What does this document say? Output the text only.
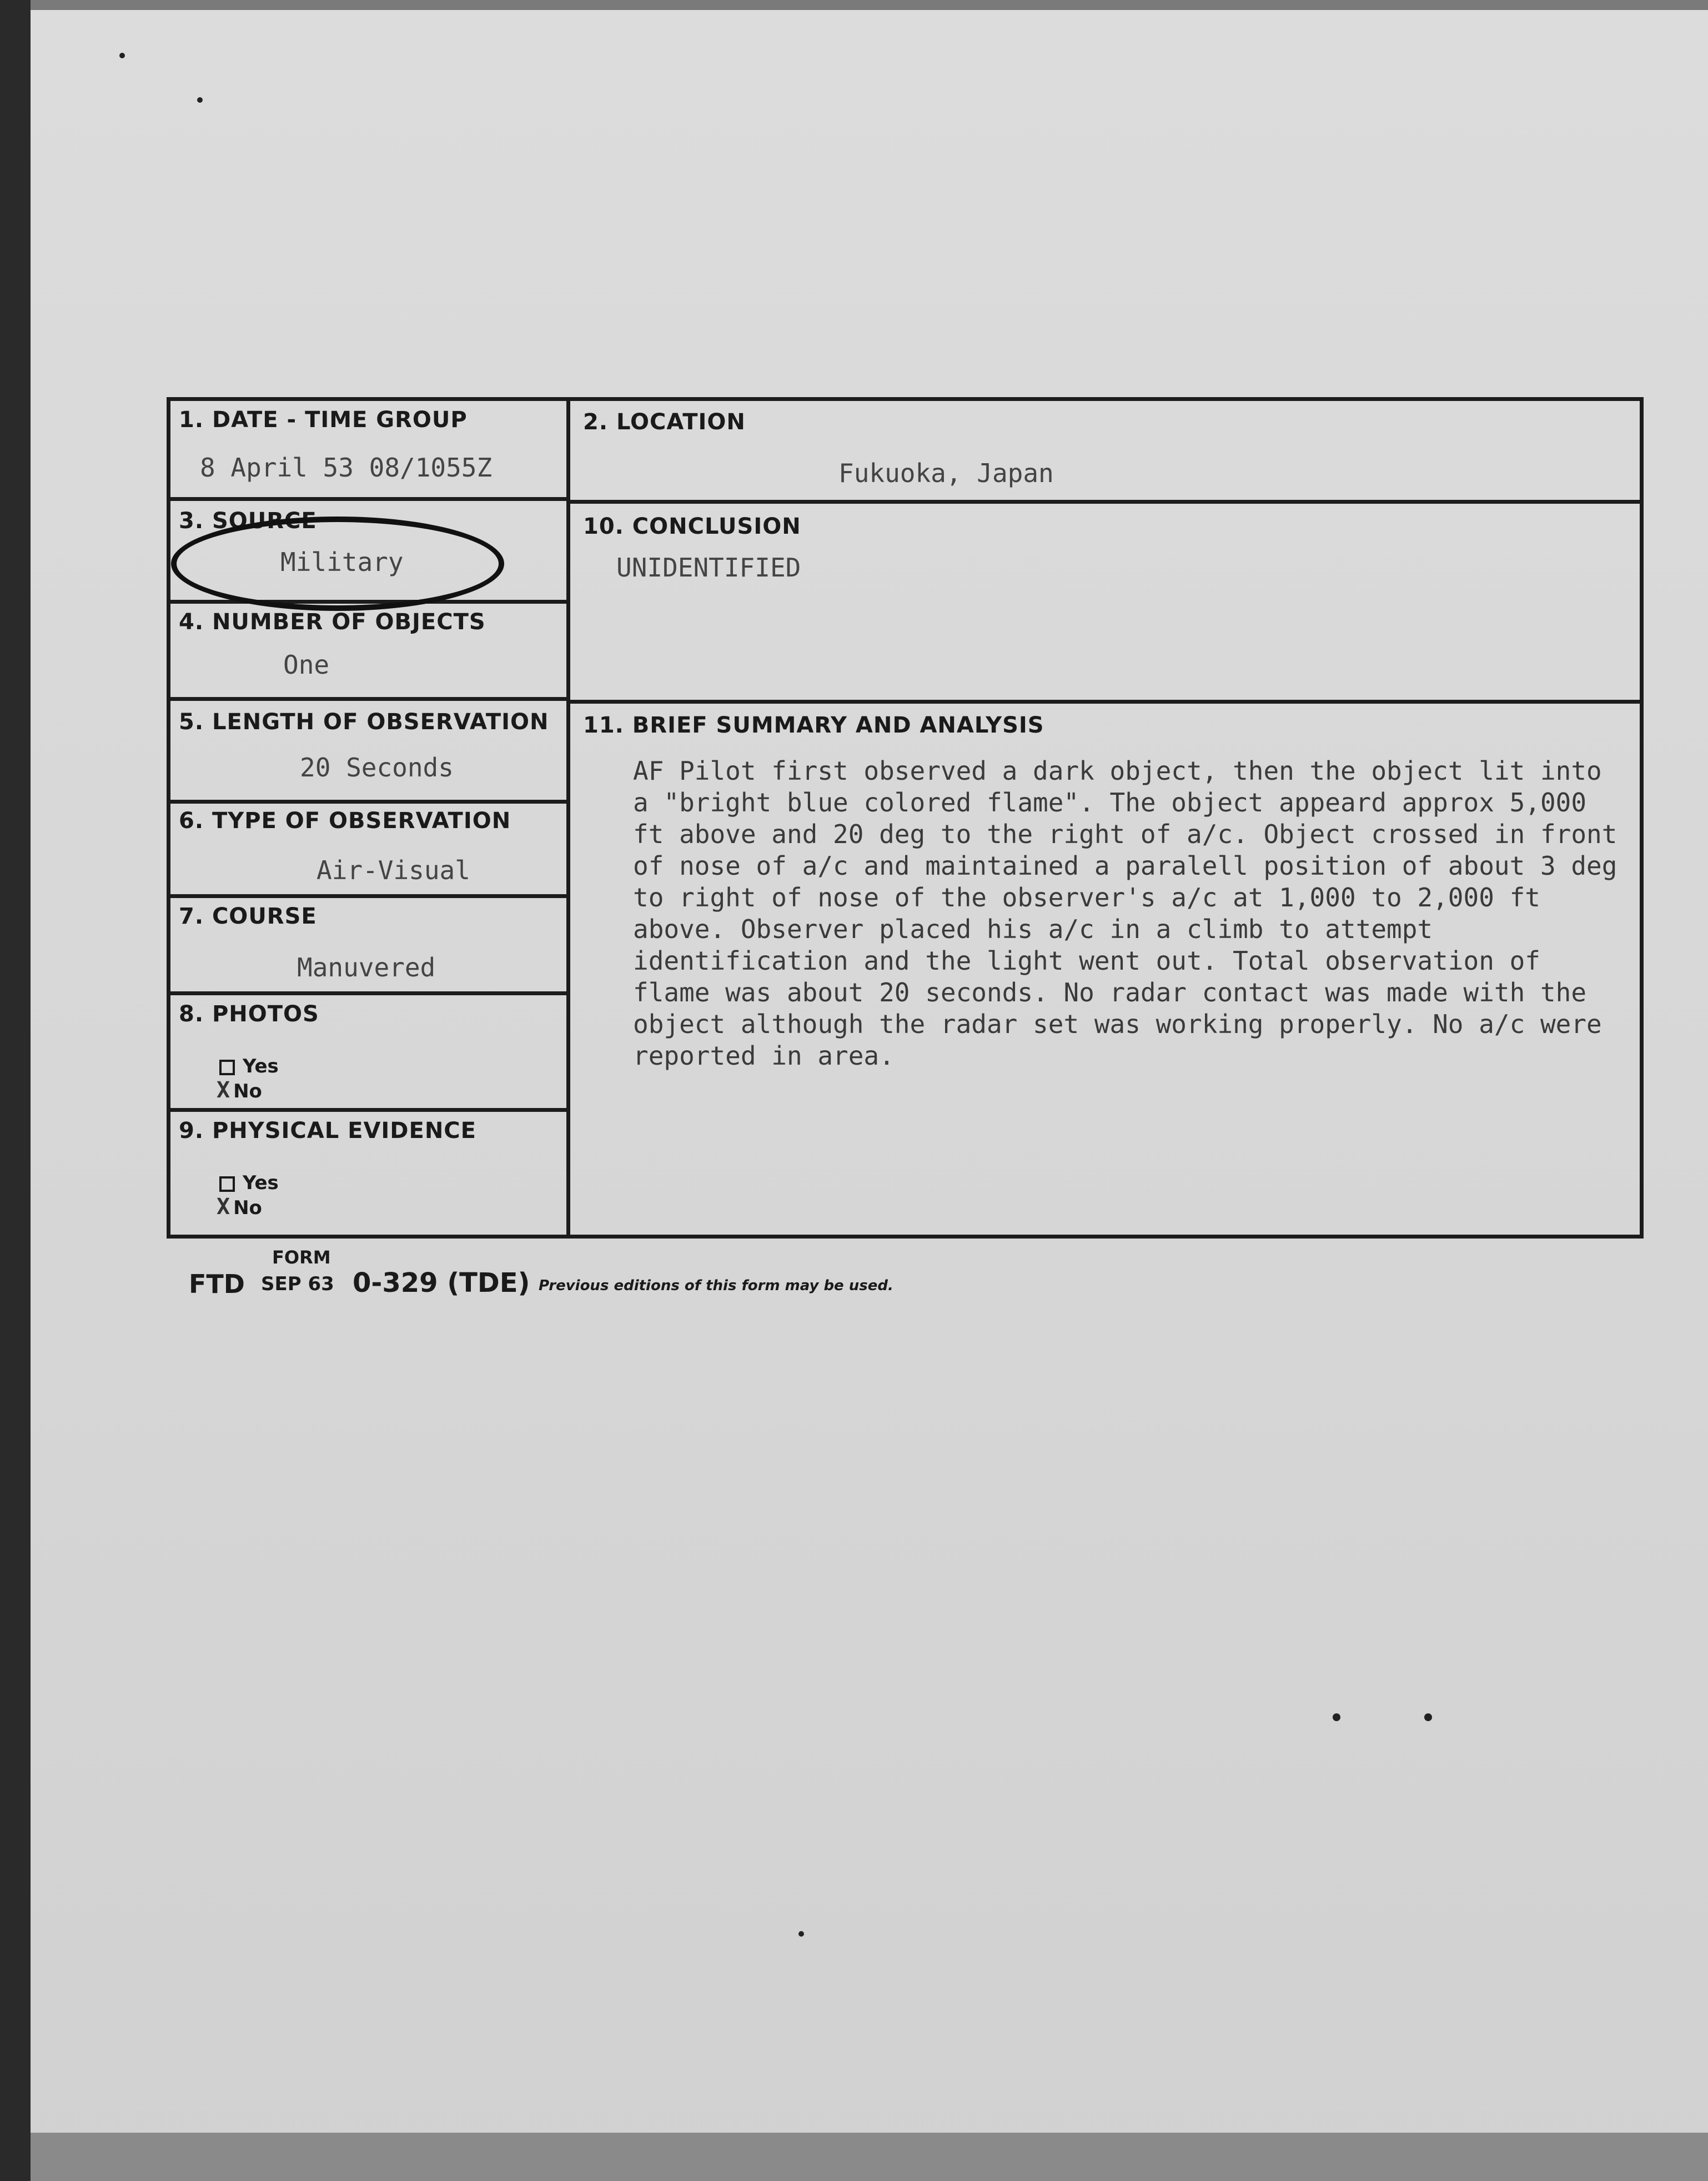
1. DATE - TIME GROUP
8 April 53 08/1055Z
2. LOCATION
Fukuoka, Japan
3. SOURCE
Military
10. CONCLUSION
UNIDENTIFIED
4. NUMBER OF OBJECTS
One
5. LENGTH OF OBSERVATION
20 Seconds
11. BRIEF SUMMARY AND ANALYSIS
AF Pilot first observed a dark object, then the object lit into a "bright blue colored flame". The object appeard approx 5,000 ft above and 20 deg to the right of a/c. Object crossed in front of nose of a/c and maintained a paralell position of about 3 deg to right of nose of the observer's a/c at 1,000 to 2,000 ft above. Observer placed his a/c in a climb to attempt identification and the light went out. Total observation of flame was about 20 seconds. No radar contact was made with the object although the radar set was working properly. No a/c were reported in area.
6. TYPE OF OBSERVATION
Air-Visual
7. COURSE
Manuvered
8. PHOTOS
Yes
X No
9. PHYSICAL EVIDENCE
Yes
X No
FORM
FTD SEP 63 0-329 (TDE) Previous editions of this form may be used.
